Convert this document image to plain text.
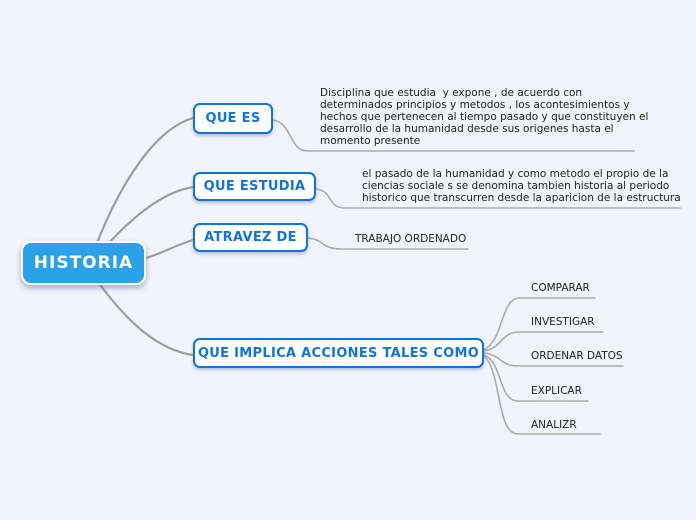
HISTORIA
QUE ES
QUE ESTUDIA
ATRAVEZ DE
QUE IMPLICA ACCIONES TALES COMO
Disciplina que estudia  y expone , de acuerdo con
determinados principios y metodos , los acontesimientos y
hechos que pertenecen al tiempo pasado y que constituyen el
desarrollo de la humanidad desde sus origenes hasta el
momento presente
el pasado de la humanidad y como metodo el propio de la
ciencias sociale s se denomina tambien historia al periodo
historico que transcurren desde la aparicion de la estructura
TRABAJO ORDENADO
COMPARAR
INVESTIGAR
ORDENAR DATOS
EXPLICAR
ANALIZR
